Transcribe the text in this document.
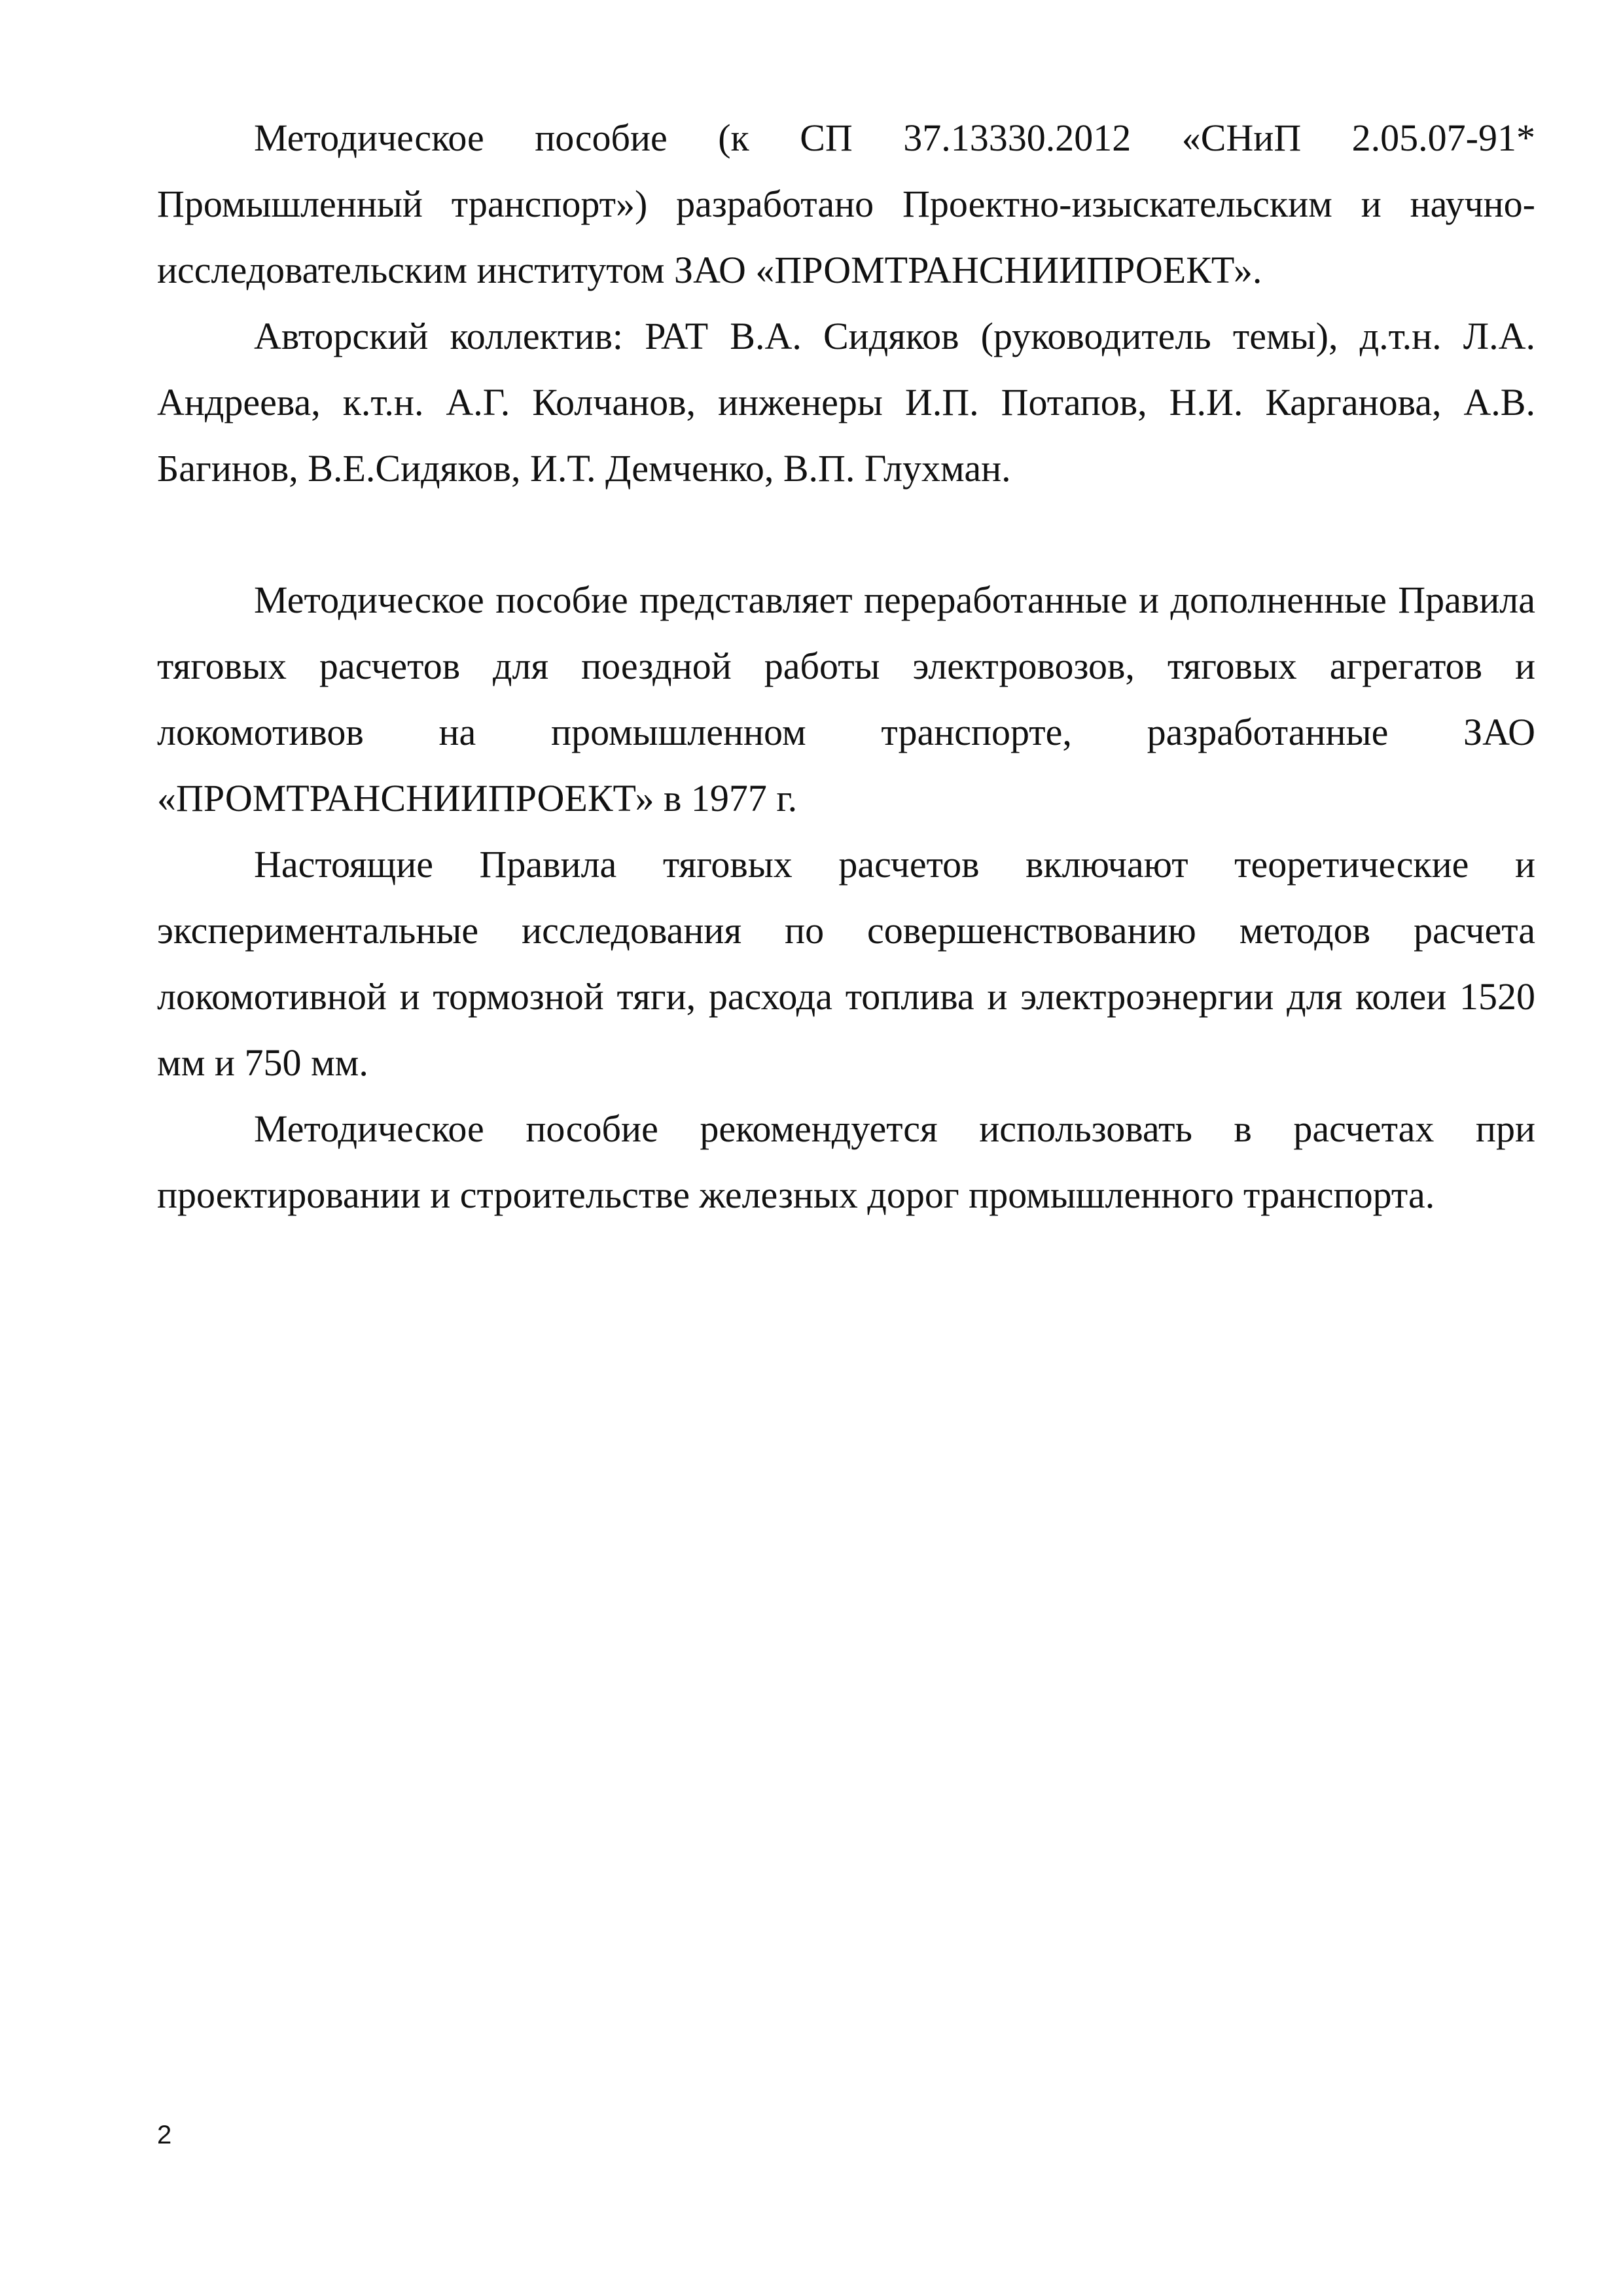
Методическое пособие (к СП 37.13330.2012 «СНиП 2.05.07-91* Промышленный транспорт») разработано Проектно-изыскательским и научно-исследовательским институтом ЗАО «ПРОМТРАНСНИИПРОЕКТ».

Авторский коллектив: РАТ В.А. Сидяков (руководитель темы), д.т.н. Л.А. Андреева, к.т.н. А.Г. Колчанов, инженеры И.П. Потапов, Н.И. Карганова, А.В. Багинов, В.Е.Сидяков, И.Т. Демченко, В.П. Глухман.

Методическое пособие представляет переработанные и дополненные Правила тяговых расчетов для поездной работы электровозов, тяговых агрегатов и локомотивов на промышленном транспорте, разработанные ЗАО «ПРОМТРАНСНИИПРОЕКТ» в 1977 г.

Настоящие Правила тяговых расчетов включают теоретические и экспериментальные исследования по совершенствованию методов расчета локомотивной и тормозной тяги, расхода топлива и электроэнергии для колеи 1520 мм и 750 мм.

Методическое пособие рекомендуется использовать в расчетах при проектировании и строительстве железных дорог промышленного транспорта.

2
